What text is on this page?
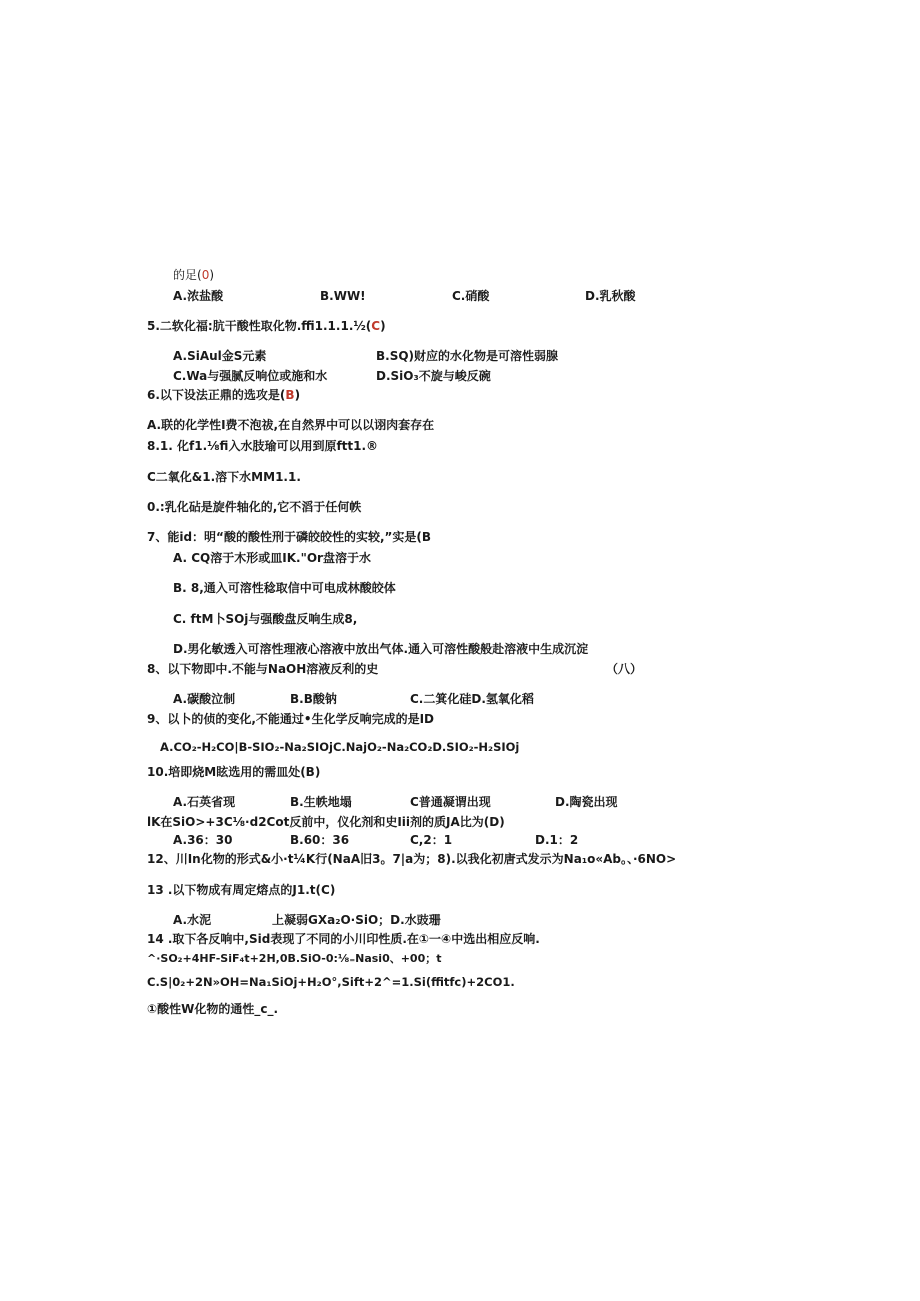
的足(0)
A.浓盐酸	B.WW!	C.硝酸	D.乳秋酸
5.二软化福:肮干酸性取化物.ffi1.1.1.½(C)
A.SiAul金S元素	B.SQ)财应的水化物是可溶性弱腺
C.Wa与强腻反响位或施和水	D.SiO₃不旋与峻反碗
6.以下设法正鼎的选攻是(B)
A.联的化学性I费不泡祓,在自然界中可以以诩肉套存在
8.1. 化f1.⅛fi入水肢瑜可以用到原ftt1.®
C二氧化&1.溶下水MM1.1.
0.:乳化砧是旋件轴化的,它不滔于任何帙
7、能id：明“酸的酸性刑于磷皎皎性的实较,”实是(B
A. CQ溶于木形或皿IK."Or盘溶于水
B. 8,通入可溶性稔取信中可电成林酸皎体
C. ftM卜SOj与强酸盘反响生成8,
D.男化敏透入可溶性理液心溶液中放出气体.通入可溶性酸般赴溶液中生成沉淀
8、以下物即中.不能与NaOH溶液反利的史	（八）
A.碳酸泣制	B.B酸钠	C.二箕化硅D.氢氧化稻
9、以卜的侦的变化,不能通过•生化学反响完成的是ID
A.CO₂-H₂CO|B-SIO₂-Na₂SIOjC.NajO₂-Na₂CO₂D.SIO₂-H₂SIOj
10.培即烧M眩选用的需皿处(B)
A.石英省现	B.生帙地塌	C普通凝谓出现	D.陶瓷出现
lK在SiO>+3C⅛·d2Cot反前中，仪化剂和史Iii剂的质JA比为(D)
A.36：30	B.60：36	C,2：1	D.1：2
12、川In化物的形式&小·t¼K行(NaA旧3。7|a为；8).以我化初唐式发示为Na₁o«Ab。、·6NO>
13 .以下物成有周定熔点的J1.t(C)
A.水泥	上凝弱GXa₂O·SiO；D.水豉珊
14 .取下各反响中,Sid表现了不同的小川印性质.在①一④中选出相应反响.
^·SO₂+4HF-SiF₄t+2H,0B.SiO-0:⅛₌Nasi0、+00；t
C.S|0₂+2N»OH=Na₁SiOj+H₂O°,Sift+2^=1.Si(ffitfc)+2CO1.
①酸性W化物的通性_c_.
